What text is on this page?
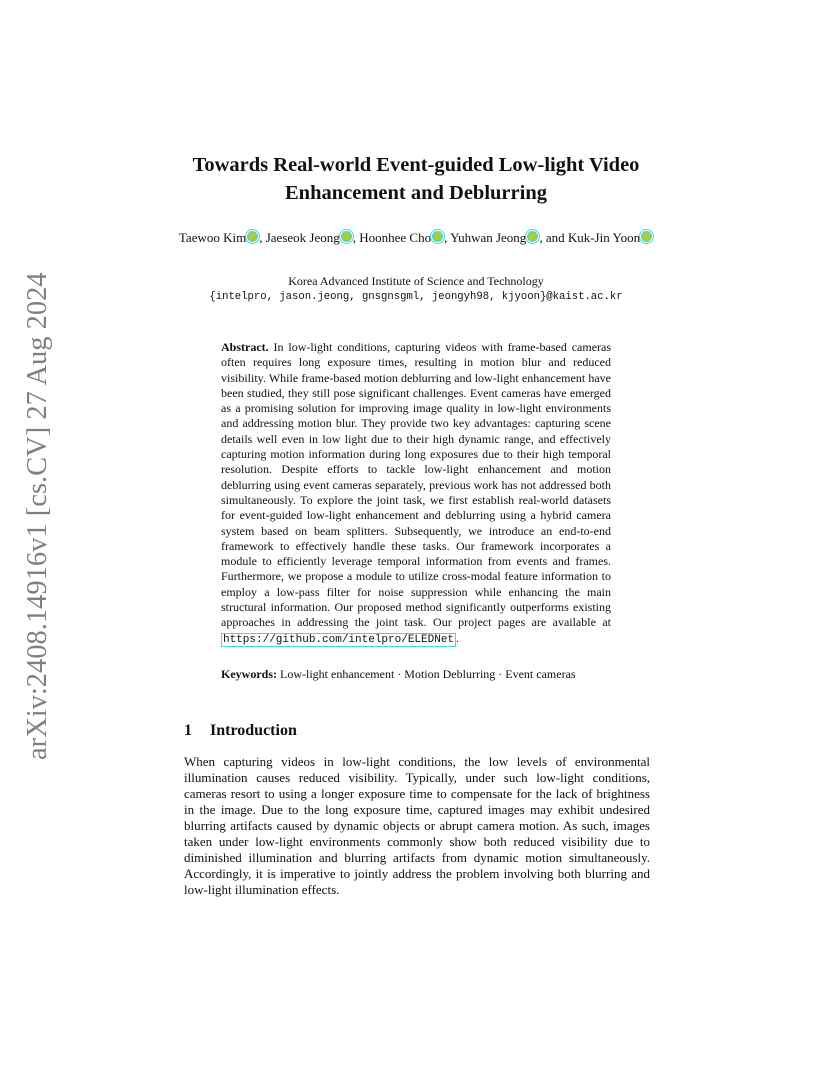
arXiv:2408.14916v1 [cs.CV] 27 Aug 2024
Towards Real-world Event-guided Low-light Video Enhancement and Deblurring
Taewoo Kim , Jaeseok Jeong , Hoonhee Cho , Yuhwan Jeong , and Kuk-Jin Yoon
Korea Advanced Institute of Science and Technology
{intelpro, jason.jeong, gnsgnsgml, jeongyh98, kjyoon}@kaist.ac.kr
Abstract. In low-light conditions, capturing videos with frame-based cameras often requires long exposure times, resulting in motion blur and reduced visibility. While frame-based motion deblurring and low-light enhancement have been studied, they still pose significant challenges. Event cameras have emerged as a promising solution for improving image quality in low-light environments and addressing motion blur. They provide two key advantages: capturing scene details well even in low light due to their high dynamic range, and effectively capturing motion information during long exposures due to their high temporal resolution. Despite efforts to tackle low-light enhancement and motion deblurring using event cameras separately, previous work has not addressed both simultaneously. To explore the joint task, we first establish real-world datasets for event-guided low-light enhancement and deblurring using a hybrid camera system based on beam splitters. Subsequently, we introduce an end-to-end framework to effectively handle these tasks. Our framework incorporates a module to efficiently leverage temporal information from events and frames. Furthermore, we propose a module to utilize cross-modal feature information to employ a low-pass filter for noise suppression while enhancing the main structural information. Our proposed method significantly outperforms existing approaches in addressing the joint task. Our project pages are available at https://github.com/intelpro/ELEDNet .
Keywords: Low-light enhancement · Motion Deblurring · Event cameras
1 Introduction
When capturing videos in low-light conditions, the low levels of environmental illumination causes reduced visibility. Typically, under such low-light conditions, cameras resort to using a longer exposure time to compensate for the lack of brightness in the image. Due to the long exposure time, captured images may exhibit undesired blurring artifacts caused by dynamic objects or abrupt camera motion. As such, images taken under low-light environments commonly show both reduced visibility due to diminished illumination and blurring artifacts from dynamic motion simultaneously. Accordingly, it is imperative to jointly address the problem involving both blurring and low-light illumination effects.
